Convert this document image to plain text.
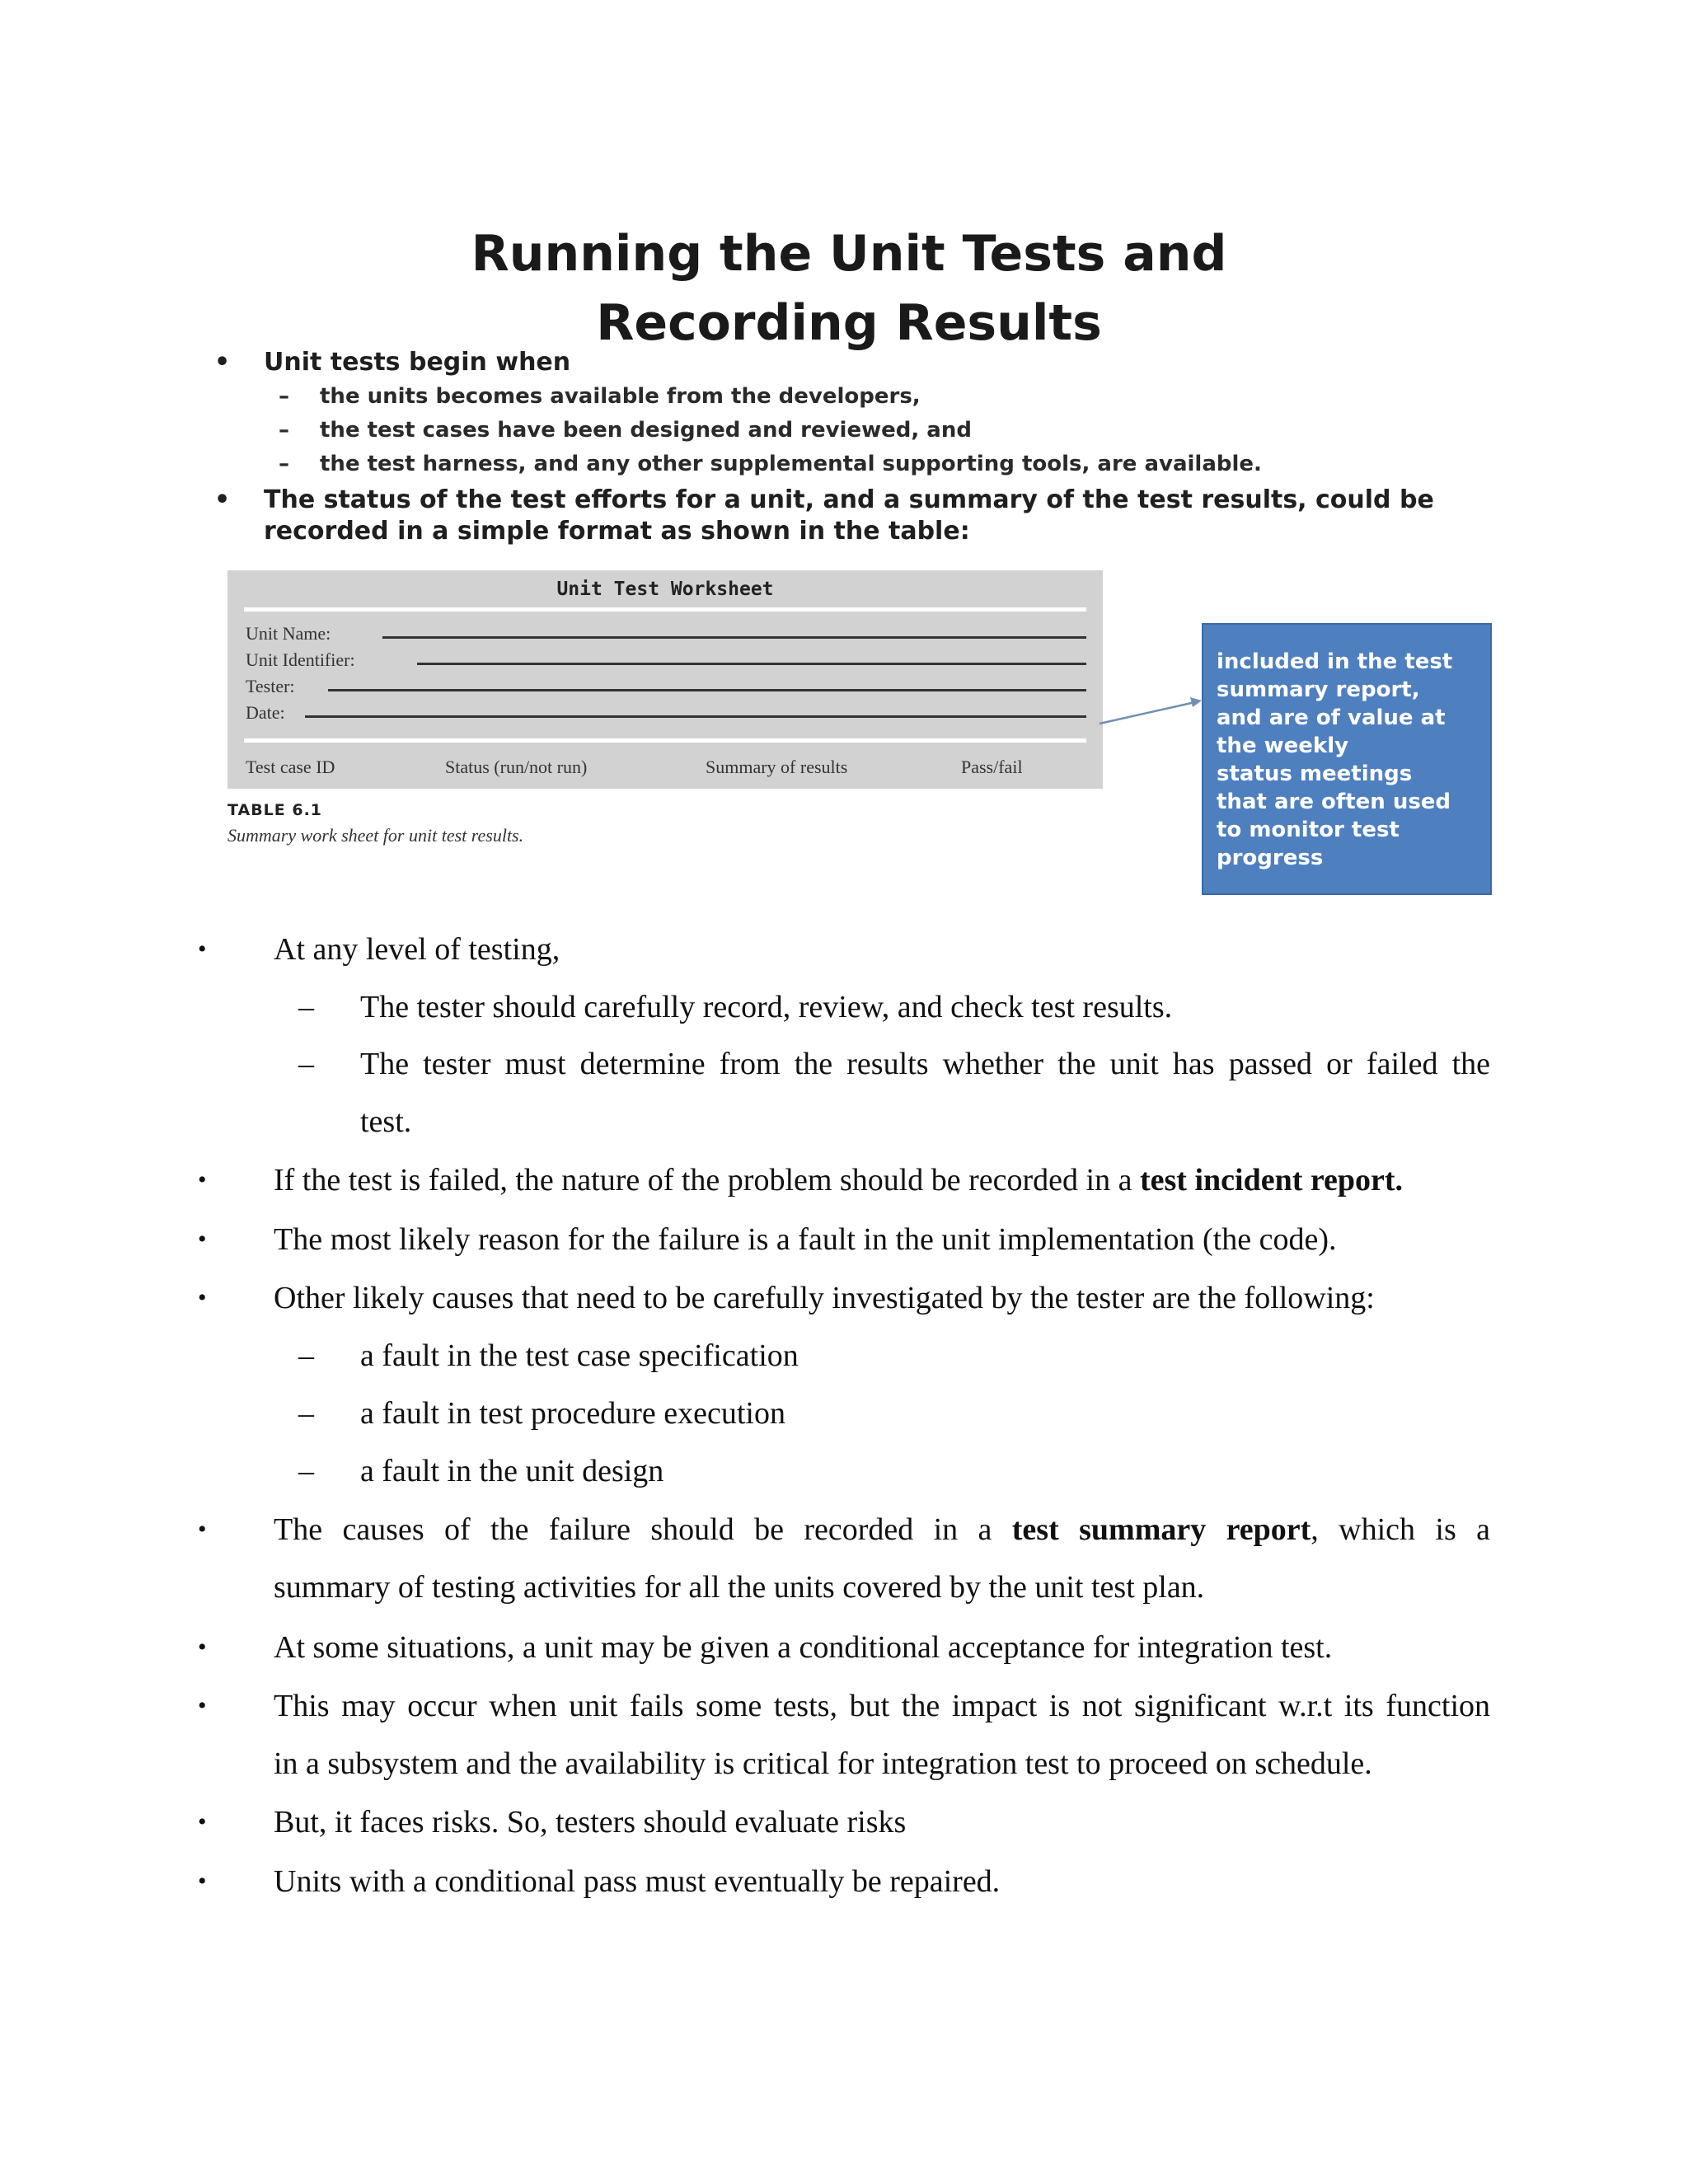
Running the Unit Tests and
Recording Results
• Unit tests begin when
– the units becomes available from the developers,
– the test cases have been designed and reviewed, and
– the test harness, and any other supplemental supporting tools, are available.
• The status of the test efforts for a unit, and a summary of the test results, could be
recorded in a simple format as shown in the table:
Unit Test Worksheet
Unit Name:
Unit Identifier:
Tester:
Date:
Test case ID	Status (run/not run)	Summary of results	Pass/fail
TABLE 6.1
Summary work sheet for unit test results.
included in the test
summary report,
and are of value at
the weekly
status meetings
that are often used
to monitor test
progress
• At any level of testing,
– The tester should carefully record, review, and check test results.
– The tester must determine from the results whether the unit has passed or failed the
test.
• If the test is failed, the nature of the problem should be recorded in a test incident report.
• The most likely reason for the failure is a fault in the unit implementation (the code).
• Other likely causes that need to be carefully investigated by the tester are the following:
– a fault in the test case specification
– a fault in test procedure execution
– a fault in the unit design
• The causes of the failure should be recorded in a test summary report, which is a
summary of testing activities for all the units covered by the unit test plan.
• At some situations, a unit may be given a conditional acceptance for integration test.
• This may occur when unit fails some tests, but the impact is not significant w.r.t its function
in a subsystem and the availability is critical for integration test to proceed on schedule.
• But, it faces risks. So, testers should evaluate risks
• Units with a conditional pass must eventually be repaired.
